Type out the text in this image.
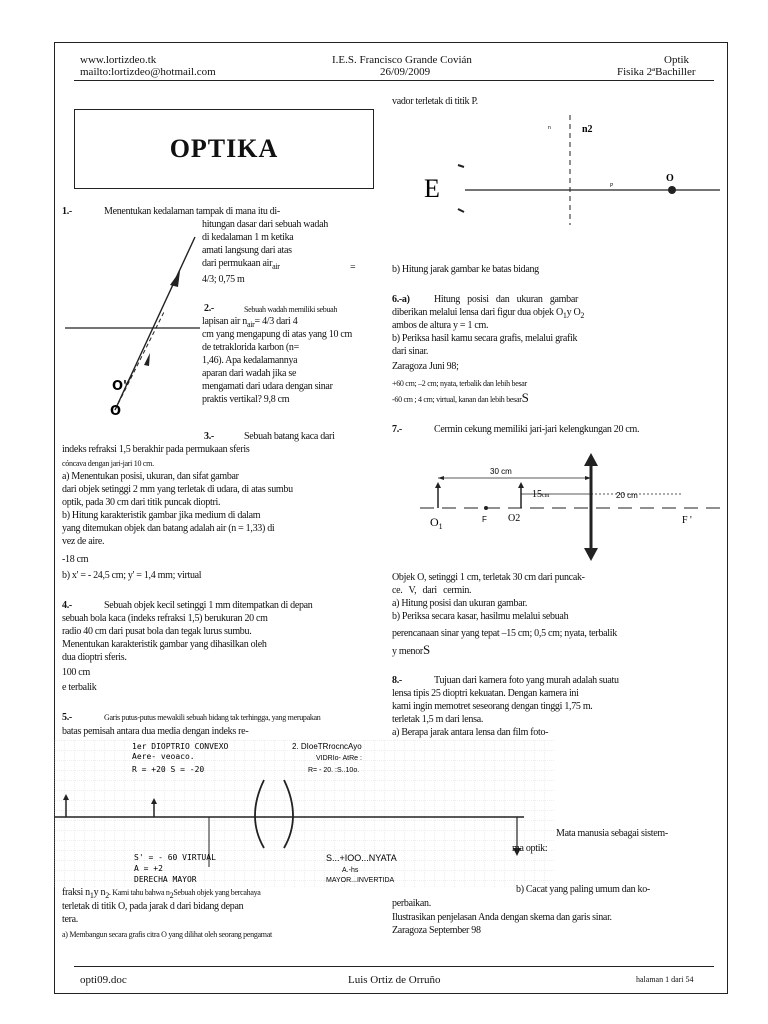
www.lortizdeo.tk
mailto:lortizdeo@hotmail.com
I.E.S. Francisco Grande Covián
26/09/2009
Optik
Fisika 2ªBachiller
OPTIKA
1.-	Menentukan kedalaman tampak di mana itu di-
hitungan dasar dari sebuah wadah
di kedalaman 1 m ketika
amati langsung dari atas
dari permukaan air$_{air}$	=
4/3; 0,75 m
O'
O
2.-	Sebuah wadah memiliki sebuah
lapisan air $n_{air}= 4/3$ dari 4
cm yang mengapung di atas yang 10 cm
de tetraklorida karbon (n=
1,46). Apa kedalamannya
aparan dari wadah jika se
mengamati dari udara dengan sinar
praktis vertikal? 9,8 cm
3.-	Sebuah batang kaca dari
indeks refraksi 1,5 berakhir pada permukaan sferis
cóncava dengan jari-jari 10 cm.
a) Menentukan posisi, ukuran, dan sifat gambar
dari objek setinggi 2 mm yang terletak di udara, di atas sumbu
optik, pada 30 cm dari titik puncak dioptri.
b) Hitung karakteristik gambar jika medium di dalam
yang ditemukan objek dan batang adalah air (n = 1,33) di
vez de aire.
-18 cm
b) x' = - 24,5 cm; y' = 1,4 mm; virtual
4.-	Sebuah objek kecil setinggi 1 mm ditempatkan di depan
sebuah bola kaca (indeks refraksi 1,5) berukuran 20 cm
radio 40 cm dari pusat bola dan tegak lurus sumbu.
Menentukan karakteristik gambar yang dihasilkan oleh
dua dioptri sferis.
100 cm
e terbalik
5.-	Garis putus-putus mewakili sebuah bidang tak terhingga, yang merupakan
batas pemisah antara dua media dengan indeks re-
1er DIOPTRIO CONVEXO
Aere- veoaco.
R = +20 S = -20
2. DIoeTRrocncAyo
VIDRIo- AtRe :
R= - 20. :S..10o.
S' = - 60 VIRTUAL
A = +2
DERECHA MAYOR
S...+IOO...NYATA
A.-hs
MAYOR...INVERTIDA
fraksi $n_1y$ $n_2$. Kami tahu bahwa $n_2Sebuah$ objek yang bercahaya
terletak di titik O, pada jarak d dari bidang depan
tera.
a) Membangun secara grafis citra O yang dilihat oleh seorang pengamat
vador terletak di titik P.
n	n2
E	P
O
b) Hitung jarak gambar ke batas bidang
6.-a) Hitung posisi dan ukuran gambar
diberikan melalui lensa dari figur dua objek $O_1y$ $O_2$
ambos de altura y = 1 cm.
b) Periksa hasil kamu secara grafis, melalui grafik
dari sinar.
Zaragoza Juni 98;
+60 cm; –2 cm; nyata, terbalik dan lebih besar
-60 cm ; 4 cm; virtual, kanan dan lebih besarS
7.-	Cermin cekung memiliki jari-jari kelengkungan 20 cm.
30 cm
15cm	20 cm
$O_1$
F O2	F '
Objek O, setinggi 1 cm, terletak 30 cm dari puncak-
ce. V, dari cermin.
a) Hitung posisi dan ukuran gambar.
b) Periksa secara kasar, hasilmu melalui sebuah
perencanaan sinar yang tepat –15 cm; 0,5 cm; nyata, terbalik
y menorS
8.-	Tujuan dari kamera foto yang murah adalah suatu
lensa tipis 25 dioptri kekuatan. Dengan kamera ini
kami ingin memotret seseorang dengan tinggi 1,75 m.
terletak 1,5 m dari lensa.
a) Berapa jarak antara lensa dan film foto-
Mata manusia sebagai sistem-
ma optik:
b) Cacat yang paling umum dan ko-
perbaikan.
Ilustrasikan penjelasan Anda dengan skema dan garis sinar.
Zaragoza September 98
opti09.doc	Luis Ortiz de Orruño	halaman 1 dari 54
